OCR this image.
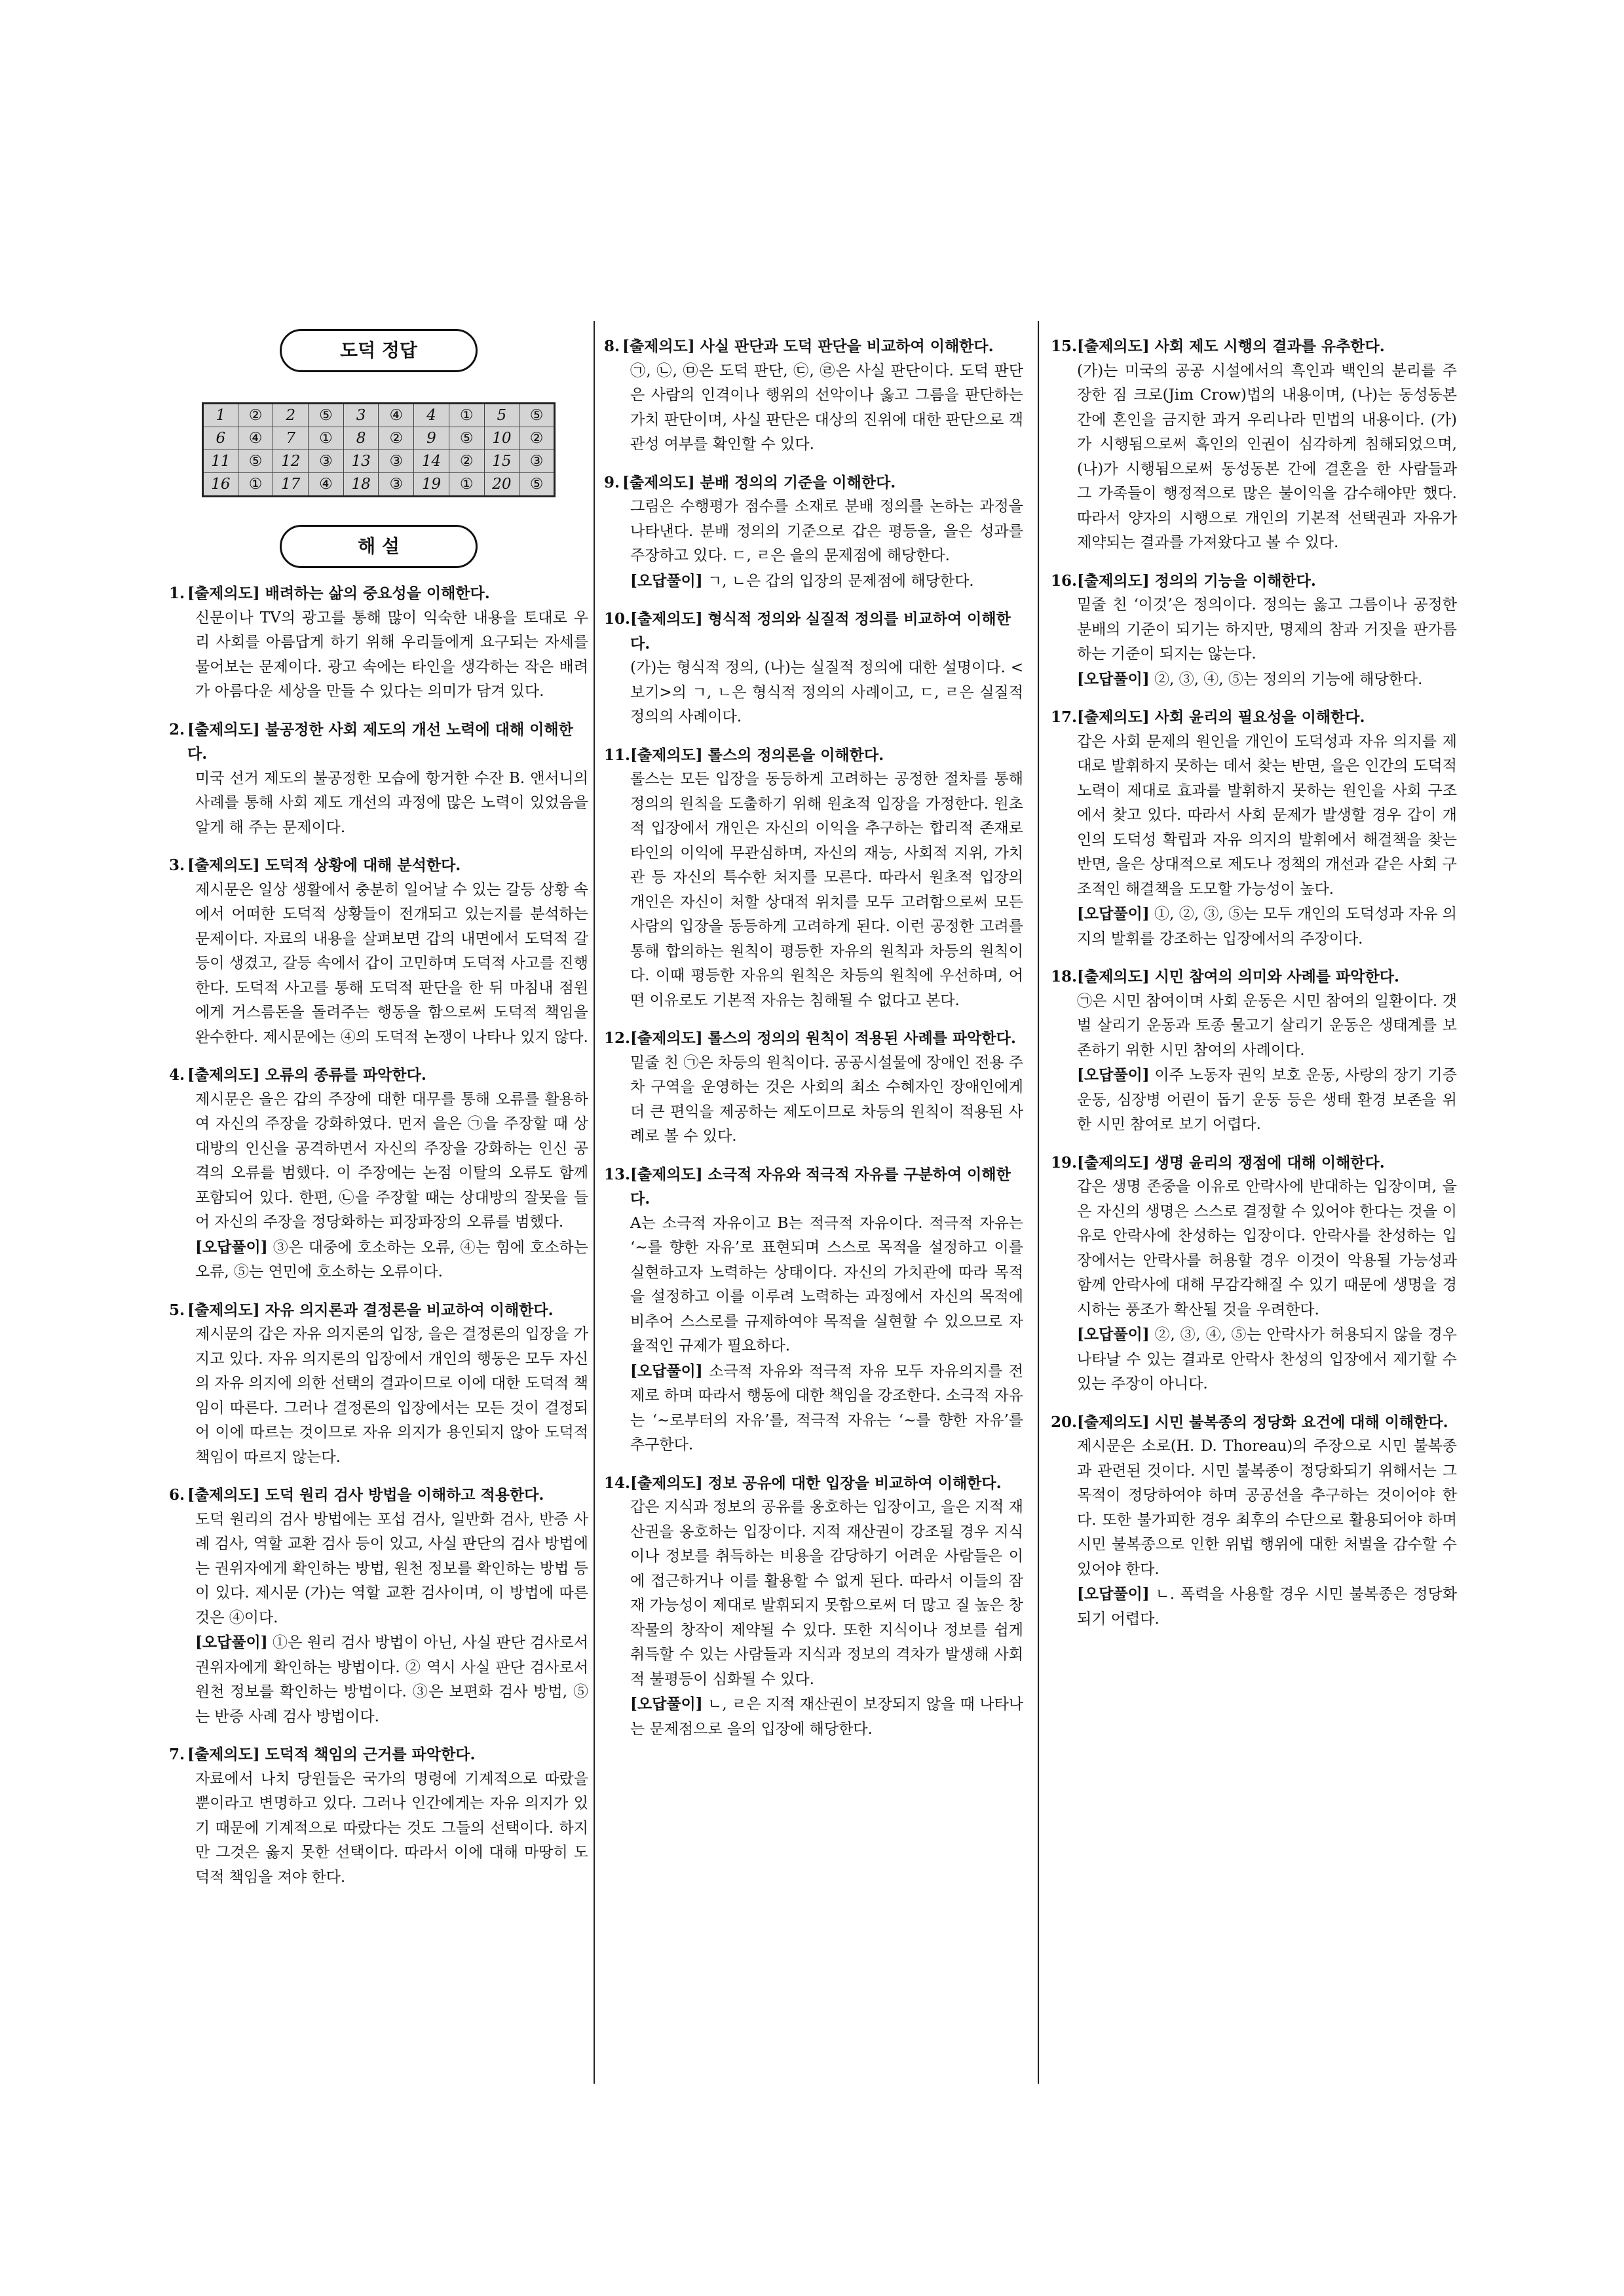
도덕 정답
1	②	2	⑤	3	④	4	①	5	⑤
6	④	7	①	8	②	9	⑤	10	②
11	⑤	12	③	13	③	14	②	15	③
16	①	17	④	18	③	19	①	20	⑤
해 설
1. [출제의도] 배려하는 삶의 중요성을 이해한다.
신문이나 TV의 광고를 통해 많이 익숙한 내용을 토대로 우리 사회를 아름답게 하기 위해 우리들에게 요구되는 자세를 물어보는 문제이다. 광고 속에는 타인을 생각하는 작은 배려가 아름다운 세상을 만들 수 있다는 의미가 담겨 있다.
2. [출제의도] 불공정한 사회 제도의 개선 노력에 대해 이해한다.
미국 선거 제도의 불공정한 모습에 항거한 수잔 B. 앤서니의 사례를 통해 사회 제도 개선의 과정에 많은 노력이 있었음을 알게 해 주는 문제이다.
3. [출제의도] 도덕적 상황에 대해 분석한다.
제시문은 일상 생활에서 충분히 일어날 수 있는 갈등 상황 속에서 어떠한 도덕적 상황들이 전개되고 있는지를 분석하는 문제이다. 자료의 내용을 살펴보면 갑의 내면에서 도덕적 갈등이 생겼고, 갈등 속에서 갑이 고민하며 도덕적 사고를 진행한다. 도덕적 사고를 통해 도덕적 판단을 한 뒤 마침내 점원에게 거스름돈을 돌려주는 행동을 함으로써 도덕적 책임을 완수한다. 제시문에는 ④의 도덕적 논쟁이 나타나 있지 않다.
4. [출제의도] 오류의 종류를 파악한다.
제시문은 을은 갑의 주장에 대한 대무를 통해 오류를 활용하여 자신의 주장을 강화하였다. 먼저 을은 ㉠을 주장할 때 상대방의 인신을 공격하면서 자신의 주장을 강화하는 인신 공격의 오류를 범했다. 이 주장에는 논점 이탈의 오류도 함께 포함되어 있다. 한편, ㉡을 주장할 때는 상대방의 잘못을 들어 자신의 주장을 정당화하는 피장파장의 오류를 범했다.
[오답풀이] ③은 대중에 호소하는 오류, ④는 힘에 호소하는 오류, ⑤는 연민에 호소하는 오류이다.
5. [출제의도] 자유 의지론과 결정론을 비교하여 이해한다.
제시문의 갑은 자유 의지론의 입장, 을은 결정론의 입장을 가지고 있다. 자유 의지론의 입장에서 개인의 행동은 모두 자신의 자유 의지에 의한 선택의 결과이므로 이에 대한 도덕적 책임이 따른다. 그러나 결정론의 입장에서는 모든 것이 결정되어 이에 따르는 것이므로 자유 의지가 용인되지 않아 도덕적 책임이 따르지 않는다.
6. [출제의도] 도덕 원리 검사 방법을 이해하고 적용한다.
도덕 원리의 검사 방법에는 포섭 검사, 일반화 검사, 반증 사례 검사, 역할 교환 검사 등이 있고, 사실 판단의 검사 방법에는 권위자에게 확인하는 방법, 원천 정보를 확인하는 방법 등이 있다. 제시문 (가)는 역할 교환 검사이며, 이 방법에 따른 것은 ④이다.
[오답풀이] ①은 원리 검사 방법이 아닌, 사실 판단 검사로서 권위자에게 확인하는 방법이다. ② 역시 사실 판단 검사로서 원천 정보를 확인하는 방법이다. ③은 보편화 검사 방법, ⑤는 반증 사례 검사 방법이다.
7. [출제의도] 도덕적 책임의 근거를 파악한다.
자료에서 나치 당원들은 국가의 명령에 기계적으로 따랐을 뿐이라고 변명하고 있다. 그러나 인간에게는 자유 의지가 있기 때문에 기계적으로 따랐다는 것도 그들의 선택이다. 하지만 그것은 옳지 못한 선택이다. 따라서 이에 대해 마땅히 도덕적 책임을 져야 한다.
8. [출제의도] 사실 판단과 도덕 판단을 비교하여 이해한다.
㉠, ㉡, ㉤은 도덕 판단, ㉢, ㉣은 사실 판단이다. 도덕 판단은 사람의 인격이나 행위의 선악이나 옳고 그름을 판단하는 가치 판단이며, 사실 판단은 대상의 진위에 대한 판단으로 객관성 여부를 확인할 수 있다.
9. [출제의도] 분배 정의의 기준을 이해한다.
그림은 수행평가 점수를 소재로 분배 정의를 논하는 과정을 나타낸다. 분배 정의의 기준으로 갑은 평등을, 을은 성과를 주장하고 있다. ㄷ, ㄹ은 을의 문제점에 해당한다.
[오답풀이] ㄱ, ㄴ은 갑의 입장의 문제점에 해당한다.
10. [출제의도] 형식적 정의와 실질적 정의를 비교하여 이해한다.
(가)는 형식적 정의, (나)는 실질적 정의에 대한 설명이다. <보기>의 ㄱ, ㄴ은 형식적 정의의 사례이고, ㄷ, ㄹ은 실질적 정의의 사례이다.
11. [출제의도] 롤스의 정의론을 이해한다.
롤스는 모든 입장을 동등하게 고려하는 공정한 절차를 통해 정의의 원칙을 도출하기 위해 원초적 입장을 가정한다. 원초적 입장에서 개인은 자신의 이익을 추구하는 합리적 존재로 타인의 이익에 무관심하며, 자신의 재능, 사회적 지위, 가치관 등 자신의 특수한 처지를 모른다. 따라서 원초적 입장의 개인은 자신이 처할 상대적 위치를 모두 고려함으로써 모든 사람의 입장을 동등하게 고려하게 된다. 이런 공정한 고려를 통해 합의하는 원칙이 평등한 자유의 원칙과 차등의 원칙이다. 이때 평등한 자유의 원칙은 차등의 원칙에 우선하며, 어떤 이유로도 기본적 자유는 침해될 수 없다고 본다.
12. [출제의도] 롤스의 정의의 원칙이 적용된 사례를 파악한다.
밑줄 친 ㉠은 차등의 원칙이다. 공공시설물에 장애인 전용 주차 구역을 운영하는 것은 사회의 최소 수혜자인 장애인에게 더 큰 편익을 제공하는 제도이므로 차등의 원칙이 적용된 사례로 볼 수 있다.
13. [출제의도] 소극적 자유와 적극적 자유를 구분하여 이해한다.
A는 소극적 자유이고 B는 적극적 자유이다. 적극적 자유는 ‘~를 향한 자유’로 표현되며 스스로 목적을 설정하고 이를 실현하고자 노력하는 상태이다. 자신의 가치관에 따라 목적을 설정하고 이를 이루려 노력하는 과정에서 자신의 목적에 비추어 스스로를 규제하여야 목적을 실현할 수 있으므로 자율적인 규제가 필요하다.
[오답풀이] 소극적 자유와 적극적 자유 모두 자유의지를 전제로 하며 따라서 행동에 대한 책임을 강조한다. 소극적 자유는 ‘~로부터의 자유’를, 적극적 자유는 ‘~를 향한 자유’를 추구한다.
14. [출제의도] 정보 공유에 대한 입장을 비교하여 이해한다.
갑은 지식과 정보의 공유를 옹호하는 입장이고, 을은 지적 재산권을 옹호하는 입장이다. 지적 재산권이 강조될 경우 지식이나 정보를 취득하는 비용을 감당하기 어려운 사람들은 이에 접근하거나 이를 활용할 수 없게 된다. 따라서 이들의 잠재 가능성이 제대로 발휘되지 못함으로써 더 많고 질 높은 창작물의 창작이 제약될 수 있다. 또한 지식이나 정보를 쉽게 취득할 수 있는 사람들과 지식과 정보의 격차가 발생해 사회적 불평등이 심화될 수 있다.
[오답풀이] ㄴ, ㄹ은 지적 재산권이 보장되지 않을 때 나타나는 문제점으로 을의 입장에 해당한다.
15. [출제의도] 사회 제도 시행의 결과를 유추한다.
(가)는 미국의 공공 시설에서의 흑인과 백인의 분리를 주장한 짐 크로(Jim Crow)법의 내용이며, (나)는 동성동본 간에 혼인을 금지한 과거 우리나라 민법의 내용이다. (가)가 시행됨으로써 흑인의 인권이 심각하게 침해되었으며, (나)가 시행됨으로써 동성동본 간에 결혼을 한 사람들과 그 가족들이 행정적으로 많은 불이익을 감수해야만 했다. 따라서 양자의 시행으로 개인의 기본적 선택권과 자유가 제약되는 결과를 가져왔다고 볼 수 있다.
16. [출제의도] 정의의 기능을 이해한다.
밑줄 친 ‘이것’은 정의이다. 정의는 옳고 그름이나 공정한 분배의 기준이 되기는 하지만, 명제의 참과 거짓을 판가름하는 기준이 되지는 않는다.
[오답풀이] ②, ③, ④, ⑤는 정의의 기능에 해당한다.
17. [출제의도] 사회 윤리의 필요성을 이해한다.
갑은 사회 문제의 원인을 개인이 도덕성과 자유 의지를 제대로 발휘하지 못하는 데서 찾는 반면, 을은 인간의 도덕적 노력이 제대로 효과를 발휘하지 못하는 원인을 사회 구조에서 찾고 있다. 따라서 사회 문제가 발생할 경우 갑이 개인의 도덕성 확립과 자유 의지의 발휘에서 해결책을 찾는 반면, 을은 상대적으로 제도나 정책의 개선과 같은 사회 구조적인 해결책을 도모할 가능성이 높다.
[오답풀이] ①, ②, ③, ⑤는 모두 개인의 도덕성과 자유 의지의 발휘를 강조하는 입장에서의 주장이다.
18. [출제의도] 시민 참여의 의미와 사례를 파악한다.
㉠은 시민 참여이며 사회 운동은 시민 참여의 일환이다. 갯벌 살리기 운동과 토종 물고기 살리기 운동은 생태계를 보존하기 위한 시민 참여의 사례이다.
[오답풀이] 이주 노동자 권익 보호 운동, 사랑의 장기 기증 운동, 심장병 어린이 돕기 운동 등은 생태 환경 보존을 위한 시민 참여로 보기 어렵다.
19. [출제의도] 생명 윤리의 쟁점에 대해 이해한다.
갑은 생명 존중을 이유로 안락사에 반대하는 입장이며, 을은 자신의 생명은 스스로 결정할 수 있어야 한다는 것을 이유로 안락사에 찬성하는 입장이다. 안락사를 찬성하는 입장에서는 안락사를 허용할 경우 이것이 악용될 가능성과 함께 안락사에 대해 무감각해질 수 있기 때문에 생명을 경시하는 풍조가 확산될 것을 우려한다.
[오답풀이] ②, ③, ④, ⑤는 안락사가 허용되지 않을 경우 나타날 수 있는 결과로 안락사 찬성의 입장에서 제기할 수 있는 주장이 아니다.
20. [출제의도] 시민 불복종의 정당화 요건에 대해 이해한다.
제시문은 소로(H. D. Thoreau)의 주장으로 시민 불복종과 관련된 것이다. 시민 불복종이 정당화되기 위해서는 그 목적이 정당하여야 하며 공공선을 추구하는 것이어야 한다. 또한 불가피한 경우 최후의 수단으로 활용되어야 하며 시민 불복종으로 인한 위법 행위에 대한 처벌을 감수할 수 있어야 한다.
[오답풀이] ㄴ. 폭력을 사용할 경우 시민 불복종은 정당화되기 어렵다.
